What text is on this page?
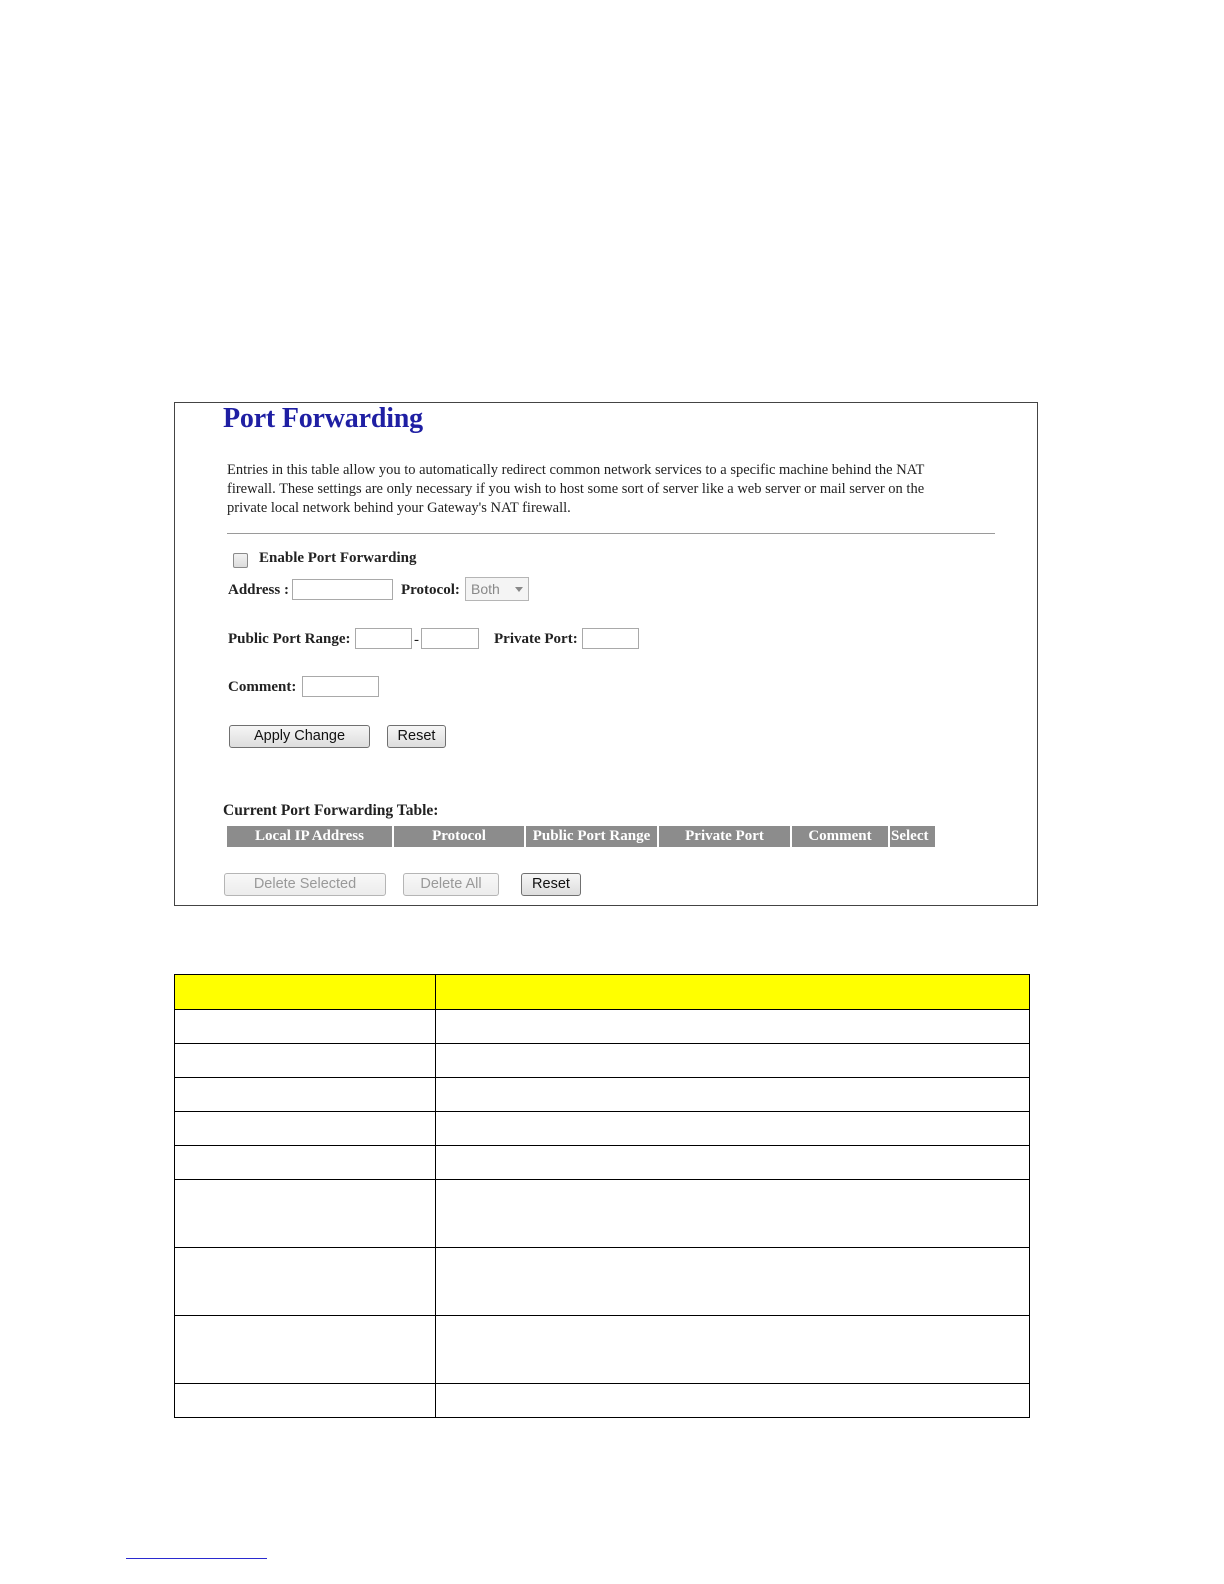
Port Forwarding
Entries in this table allow you to automatically redirect common network services to a specific machine behind the NAT firewall. These settings are only necessary if you wish to host some sort of server like a web server or mail server on the private local network behind your Gateway's NAT firewall.
Enable Port Forwarding
Address :	Protocol: Both
Public Port Range:	-	Private Port:
Comment:
Apply Change	Reset
Current Port Forwarding Table:
Local IP Address	Protocol	Public Port Range	Private Port	Comment	Select
Delete Selected	Delete All	Reset
